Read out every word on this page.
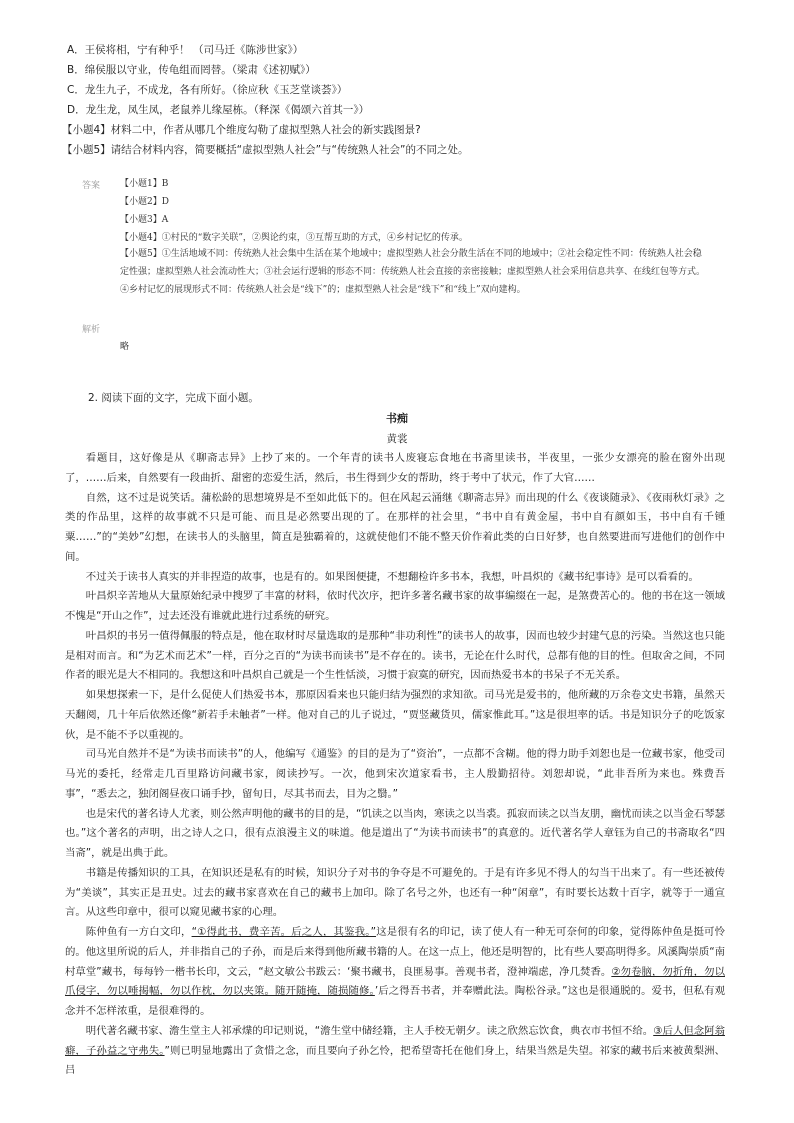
A．王侯将相，宁有种乎！ （司马迁《陈涉世家》）
B．绵侯服以守业，传龟组而罔替。（梁肃《述初赋》）
C．龙生九子，不成龙，各有所好。（徐应秋《玉芝堂谈荟》）
D．龙生龙，凤生凤，老鼠养儿缘屋栋。（释深《偈颂六首其一》）
【小题4】材料二中，作者从哪几个维度勾勒了虚拟型熟人社会的新实践图景?
【小题5】请结合材料内容，简要概括“虚拟型熟人社会”与“传统熟人社会”的不同之处。
答案 【小题1】B
【小题2】D
【小题3】A
【小题4】①村民的“数字关联”，②舆论约束，③互帮互助的方式，④乡村记忆的传承。
【小题5】①生活地域不同：传统熟人社会集中生活在某个地域中；虚拟型熟人社会分散生活在不同的地域中；②社会稳定性不同：传统熟人社会稳定性强；虚拟型熟人社会流动性大；③社会运行逻辑的形态不同：传统熟人社会直接的亲密接触；虚拟型熟人社会采用信息共享、在线红包等方式。④乡村记忆的展现形式不同：传统熟人社会是“线下”的；虚拟型熟人社会是“线下”和“线上”双向建构。
解析
略
2. 阅读下面的文字，完成下面小题。
书痴
黄裳

看题目，这好像是从《聊斋志异》上抄了来的。一个年青的读书人废寝忘食地在书斋里读书，半夜里，一张少女漂亮的脸在窗外出现了，……后来，自然要有一段曲折、甜密的恋爱生活，然后，书生得到少女的帮助，终于考中了状元，作了大官……

自然，这不过是说笑话。蒲松龄的思想境界是不至如此低下的。但在风起云涌继《聊斋志异》而出现的什么《夜谈随录》、《夜雨秋灯录》之类的作品里，这样的故事就不只是可能、而且是必然要出现的了。在那样的社会里，“书中自有黄金屋，书中自有颜如玉，书中自有千锺粟……”的“美妙”幻想，在读书人的头脑里，简直是独霸着的，这就使他们不能不整天价作着此类的白日好梦，也自然要进而写进他们的创作中间。

不过关于读书人真实的并非捏造的故事，也是有的。如果图便捷，不想翻检许多书本，我想，叶昌炽的《藏书纪事诗》是可以看看的。

叶昌炽辛苦地从大量原始纪录中搜罗了丰富的材料，依时代次序，把许多著名藏书家的故事编缀在一起，是煞费苦心的。他的书在这一领域不愧是“开山之作”，过去还没有谁就此进行过系统的研究。

叶昌炽的书另一值得佩服的特点是，他在取材时尽量选取的是那种“非功利性”的读书人的故事，因而也较少封建气息的污染。当然这也只能是相对而言。和“为艺术而艺术”一样，百分之百的“为读书而读书”是不存在的。读书，无论在什么时代，总都有他的目的性。但取舍之间，不同作者的眼光是大不相同的。我想这和叶昌炽自己就是一个生性恬淡，习惯于寂寞的研究，因而热爱书本的书呆子不无关系。

如果想探索一下，是什么促使人们热爱书本，那原因看来也只能归结为强烈的求知欲。司马光是爱书的，他所藏的万余卷文史书籍，虽然天天翻阅，几十年后依然还像“新若手未触者”一样。他对自己的儿子说过，“贾竖藏货贝，儒家惟此耳。”这是很坦率的话。书是知识分子的吃饭家伙，是不能不予以重视的。

司马光自然并不是“为读书而读书”的人，他编写《通鉴》的目的是为了“资治”，一点都不含糊。他的得力助手刘恕也是一位藏书家，他受司马光的委托，经常走几百里路访问藏书家，阅读抄写。一次，他到宋次道家看书，主人殷勤招待。刘恕却说，“此非吾所为来也。殊费吾事”，“悉去之，独闭阁昼夜口诵手抄，留旬日，尽其书而去，目为之翳。”

也是宋代的著名诗人尤袤，则公然声明他的藏书的目的是，“饥读之以当肉，寒读之以当裘。孤寂而读之以当友朋，幽忧而读之以当金石琴瑟也。”这个著名的声明，出之诗人之口，很有点浪漫主义的味道。他是道出了“为读书而读书”的真意的。近代著名学人章钰为自己的书斋取名“四当斋”，就是出典于此。

书籍是传播知识的工具，在知识还是私有的时候，知识分子对书的争夺是不可避免的。于是有许多见不得人的勾当干出来了。有一些还被传为“美谈”，其实正是丑史。过去的藏书家喜欢在自己的藏书上加印。除了名号之外，也还有一种“闲章”，有时要长达数十百字，就等于一通宣言。从这些印章中，很可以窥见藏书家的心理。

陈仲鱼有一方白文印，“①得此书，费辛苦。后之人，其鉴我。”这是很有名的印记，读了使人有一种无可奈何的印象，觉得陈仲鱼是挺可怜的。他这里所说的后人，并非指自己的子孙，而是后来得到他所藏书籍的人。在这一点上，他还是明智的，比有些人要高明得多。风溪陶崇质“南村草堂”藏书，每每钤一楷书长印，文云，“赵文敏公书跋云：‘聚书藏书，良匪易事。善观书者，澄神端虑，净几焚香。②勿卷脑，勿折角，勿以爪侵字，勿以唾揭幅，勿以作枕，勿以夹策。随开随掩，随损随修。’后之得吾书者，并奉赠此法。陶松谷录。”这也是很通脱的。爱书，但私有观念并不怎样浓重，是很难得的。

明代著名藏书家、澹生堂主人祁承㸁的印记则说，“澹生堂中储经籍，主人手校无朝夕。读之欣然忘饮食，典衣市书恒不给。③后人但念阿翁癖，子孙益之守弗失。”则已明显地露出了贪惜之念，而且要向子孙乞怜，把希望寄托在他们身上，结果当然是失望。祁家的藏书后来被黄梨洲、吕
